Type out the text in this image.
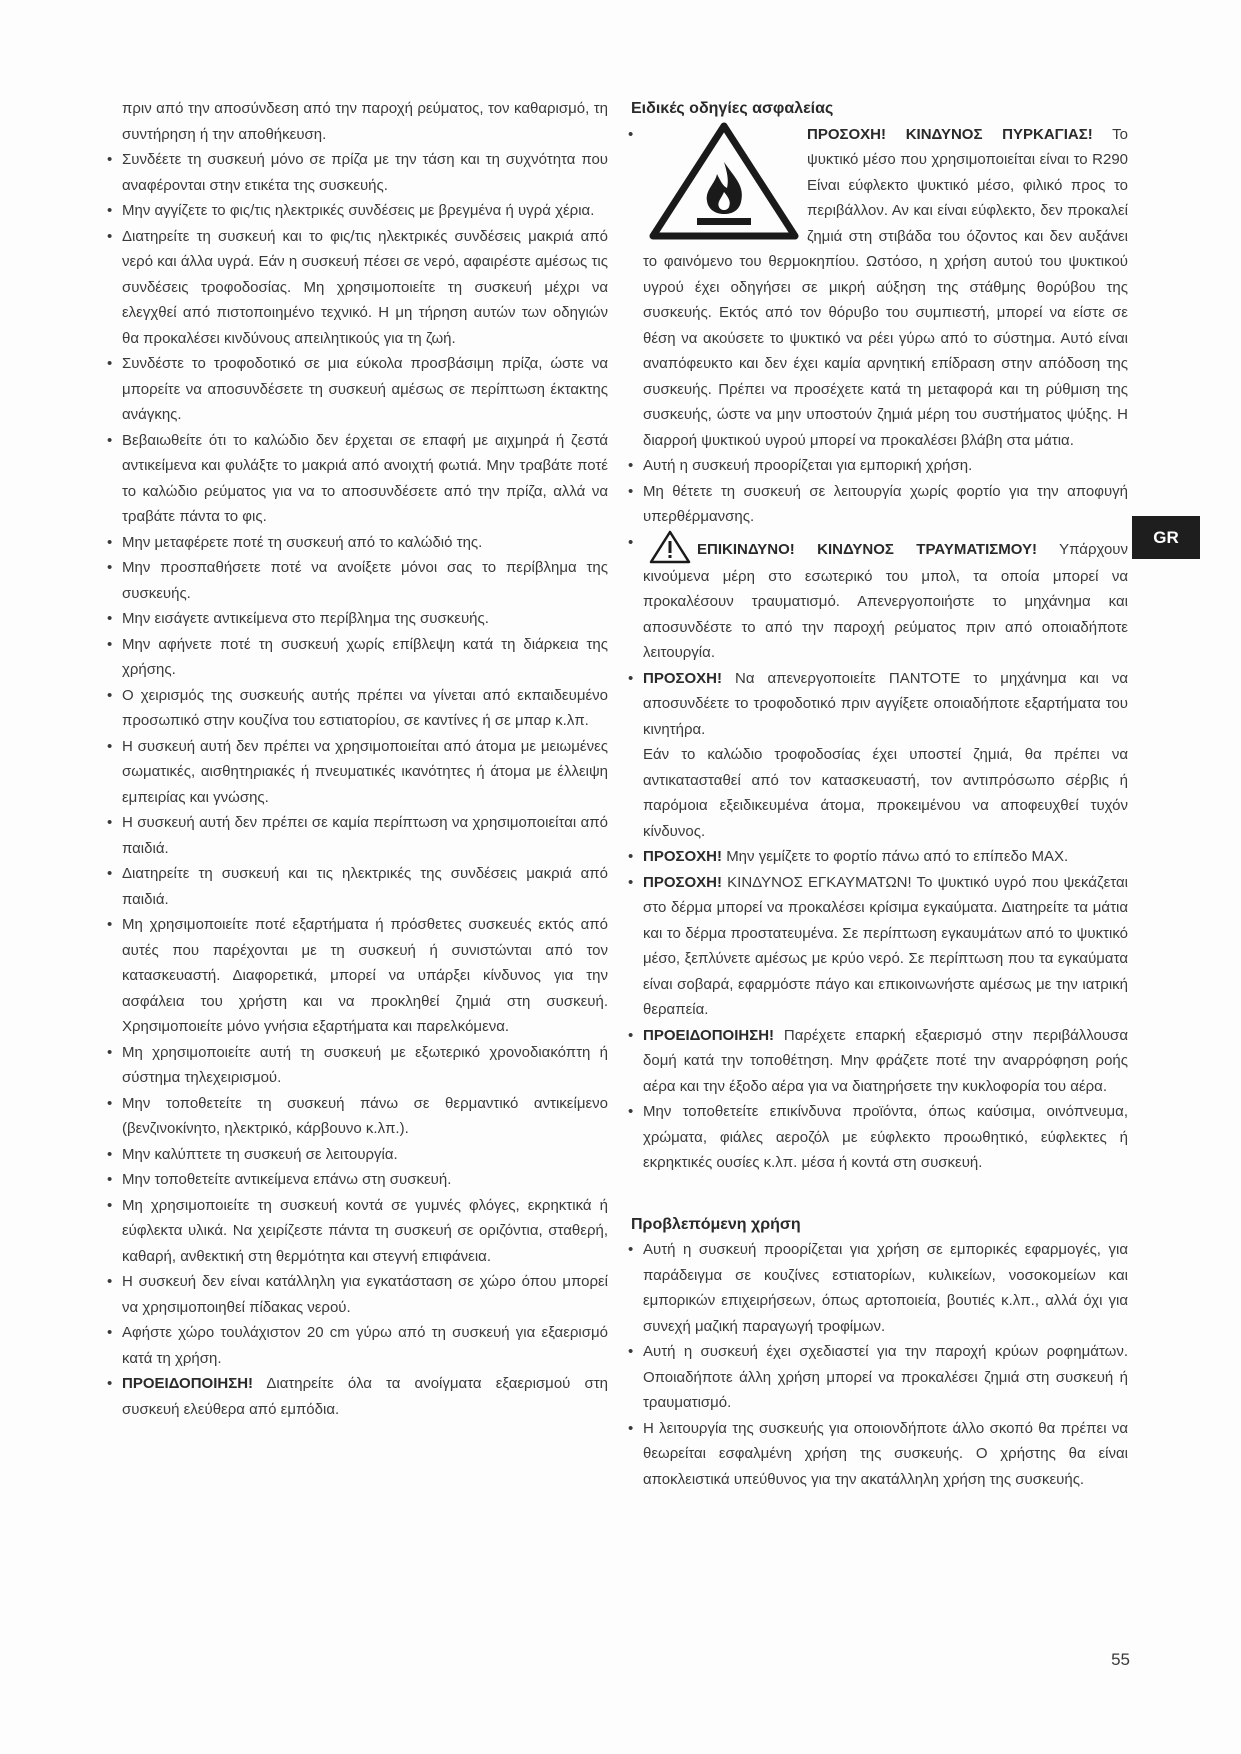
πριν από την αποσύνδεση από την παροχή ρεύματος, τον καθαρισμό, τη συντήρηση ή την αποθήκευση.

• Συνδέετε τη συσκευή μόνο σε πρίζα με την τάση και τη συχνότητα που αναφέρονται στην ετικέτα της συσκευής.

• Μην αγγίζετε το φις/τις ηλεκτρικές συνδέσεις με βρεγμένα ή υγρά χέρια.

• Διατηρείτε τη συσκευή και το φις/τις ηλεκτρικές συνδέσεις μακριά από νερό και άλλα υγρά. Εάν η συσκευή πέσει σε νερό, αφαιρέστε αμέσως τις συνδέσεις τροφοδοσίας. Μη χρησιμοποιείτε τη συσκευή μέχρι να ελεγχθεί από πιστοποιημένο τεχνικό. Η μη τήρηση αυτών των οδηγιών θα προκαλέσει κινδύνους απειλητικούς για τη ζωή.

• Συνδέστε το τροφοδοτικό σε μια εύκολα προσβάσιμη πρίζα, ώστε να μπορείτε να αποσυνδέσετε τη συσκευή αμέσως σε περίπτωση έκτακτης ανάγκης.

• Βεβαιωθείτε ότι το καλώδιο δεν έρχεται σε επαφή με αιχμηρά ή ζεστά αντικείμενα και φυλάξτε το μακριά από ανοιχτή φωτιά. Μην τραβάτε ποτέ το καλώδιο ρεύματος για να το αποσυνδέσετε από την πρίζα, αλλά να τραβάτε πάντα το φις.

• Μην μεταφέρετε ποτέ τη συσκευή από το καλώδιό της.

• Μην προσπαθήσετε ποτέ να ανοίξετε μόνοι σας το περίβλημα της συσκευής.

• Μην εισάγετε αντικείμενα στο περίβλημα της συσκευής.

• Μην αφήνετε ποτέ τη συσκευή χωρίς επίβλεψη κατά τη διάρκεια της χρήσης.

• Ο χειρισμός της συσκευής αυτής πρέπει να γίνεται από εκπαιδευμένο προσωπικό στην κουζίνα του εστιατορίου, σε καντίνες ή σε μπαρ κ.λπ.

• Η συσκευή αυτή δεν πρέπει να χρησιμοποιείται από άτομα με μειωμένες σωματικές, αισθητηριακές ή πνευματικές ικανότητες ή άτομα με έλλειψη εμπειρίας και γνώσης.

• Η συσκευή αυτή δεν πρέπει σε καμία περίπτωση να χρησιμοποιείται από παιδιά.

• Διατηρείτε τη συσκευή και τις ηλεκτρικές της συνδέσεις μακριά από παιδιά.

• Μη χρησιμοποιείτε ποτέ εξαρτήματα ή πρόσθετες συσκευές εκτός από αυτές που παρέχονται με τη συσκευή ή συνιστώνται από τον κατασκευαστή. Διαφορετικά, μπορεί να υπάρξει κίνδυνος για την ασφάλεια του χρήστη και να προκληθεί ζημιά στη συσκευή. Χρησιμοποιείτε μόνο γνήσια εξαρτήματα και παρελκόμενα.

• Μη χρησιμοποιείτε αυτή τη συσκευή με εξωτερικό χρονοδιακόπτη ή σύστημα τηλεχειρισμού.

• Μην τοποθετείτε τη συσκευή πάνω σε θερμαντικό αντικείμενο (βενζινοκίνητο, ηλεκτρικό, κάρβουνο κ.λπ.).

• Μην καλύπτετε τη συσκευή σε λειτουργία.

• Μην τοποθετείτε αντικείμενα επάνω στη συσκευή.

• Μη χρησιμοποιείτε τη συσκευή κοντά σε γυμνές φλόγες, εκρηκτικά ή εύφλεκτα υλικά. Να χειρίζεστε πάντα τη συσκευή σε οριζόντια, σταθερή, καθαρή, ανθεκτική στη θερμότητα και στεγνή επιφάνεια.

• Η συσκευή δεν είναι κατάλληλη για εγκατάσταση σε χώρο όπου μπορεί να χρησιμοποιηθεί πίδακας νερού.

• Αφήστε χώρο τουλάχιστον 20 cm γύρω από τη συσκευή για εξαερισμό κατά τη χρήση.

• ΠΡΟΕΙΔΟΠΟΙΗΣΗ! Διατηρείτε όλα τα ανοίγματα εξαερισμού στη συσκευή ελεύθερα από εμπόδια.

Ειδικές οδηγίες ασφαλείας

• ΠΡΟΣΟΧΗ! ΚΙΝΔΥΝΟΣ ΠΥΡΚΑΓΙΑΣ! Το ψυκτικό μέσο που χρησιμοποιείται είναι το R290 Είναι εύφλεκτο ψυκτικό μέσο, φιλικό προς το περιβάλλον. Αν και είναι εύφλεκτο, δεν προκαλεί ζημιά στη στιβάδα του όζοντος και δεν αυξάνει το φαινόμενο του θερμοκηπίου. Ωστόσο, η χρήση αυτού του ψυκτικού υγρού έχει οδηγήσει σε μικρή αύξηση της στάθμης θορύβου της συσκευής. Εκτός από τον θόρυβο του συμπιεστή, μπορεί να είστε σε θέση να ακούσετε το ψυκτικό να ρέει γύρω από το σύστημα. Αυτό είναι αναπόφευκτο και δεν έχει καμία αρνητική επίδραση στην απόδοση της συσκευής. Πρέπει να προσέχετε κατά τη μεταφορά και τη ρύθμιση της συσκευής, ώστε να μην υποστούν ζημιά μέρη του συστήματος ψύξης. Η διαρροή ψυκτικού υγρού μπορεί να προκαλέσει βλάβη στα μάτια.

• Αυτή η συσκευή προορίζεται για εμπορική χρήση.

• Μη θέτετε τη συσκευή σε λειτουργία χωρίς φορτίο για την αποφυγή υπερθέρμανσης.

• ΕΠΙΚΙΝΔΥΝΟ! ΚΙΝΔΥΝΟΣ ΤΡΑΥΜΑΤΙΣΜΟΥ! Υπάρχουν κινούμενα μέρη στο εσωτερικό του μπολ, τα οποία μπορεί να προκαλέσουν τραυματισμό. Απενεργοποιήστε το μηχάνημα και αποσυνδέστε το από την παροχή ρεύματος πριν από οποιαδήποτε λειτουργία.

• ΠΡΟΣΟΧΗ! Να απενεργοποιείτε ΠΑΝΤΟΤΕ το μηχάνημα και να αποσυνδέετε το τροφοδοτικό πριν αγγίξετε οποιαδήποτε εξαρτήματα του κινητήρα.

Εάν το καλώδιο τροφοδοσίας έχει υποστεί ζημιά, θα πρέπει να αντικατασταθεί από τον κατασκευαστή, τον αντιπρόσωπο σέρβις ή παρόμοια εξειδικευμένα άτομα, προκειμένου να αποφευχθεί τυχόν κίνδυνος.

• ΠΡΟΣΟΧΗ! Μην γεμίζετε το φορτίο πάνω από το επίπεδο MAX.

• ΠΡΟΣΟΧΗ! ΚΙΝΔΥΝΟΣ ΕΓΚΑΥΜΑΤΩΝ! Το ψυκτικό υγρό που ψεκάζεται στο δέρμα μπορεί να προκαλέσει κρίσιμα εγκαύματα. Διατηρείτε τα μάτια και το δέρμα προστατευμένα. Σε περίπτωση εγκαυμάτων από το ψυκτικό μέσο, ξεπλύνετε αμέσως με κρύο νερό. Σε περίπτωση που τα εγκαύματα είναι σοβαρά, εφαρμόστε πάγο και επικοινωνήστε αμέσως με την ιατρική θεραπεία.

• ΠΡΟΕΙΔΟΠΟΙΗΣΗ! Παρέχετε επαρκή εξαερισμό στην περιβάλλουσα δομή κατά την τοποθέτηση. Μην φράζετε ποτέ την αναρρόφηση ροής αέρα και την έξοδο αέρα για να διατηρήσετε την κυκλοφορία του αέρα.

• Μην τοποθετείτε επικίνδυνα προϊόντα, όπως καύσιμα, οινόπνευμα, χρώματα, φιάλες αεροζόλ με εύφλεκτο προωθητικό, εύφλεκτες ή εκρηκτικές ουσίες κ.λπ. μέσα ή κοντά στη συσκευή.

Προβλεπόμενη χρήση

• Αυτή η συσκευή προορίζεται για χρήση σε εμπορικές εφαρμογές, για παράδειγμα σε κουζίνες εστιατορίων, κυλικείων, νοσοκομείων και εμπορικών επιχειρήσεων, όπως αρτοποιεία, βουτιές κ.λπ., αλλά όχι για συνεχή μαζική παραγωγή τροφίμων.

• Αυτή η συσκευή έχει σχεδιαστεί για την παροχή κρύων ροφημάτων. Οποιαδήποτε άλλη χρήση μπορεί να προκαλέσει ζημιά στη συσκευή ή τραυματισμό.

• Η λειτουργία της συσκευής για οποιονδήποτε άλλο σκοπό θα πρέπει να θεωρείται εσφαλμένη χρήση της συσκευής. Ο χρήστης θα είναι αποκλειστικά υπεύθυνος για την ακατάλληλη χρήση της συσκευής.

GR
55
